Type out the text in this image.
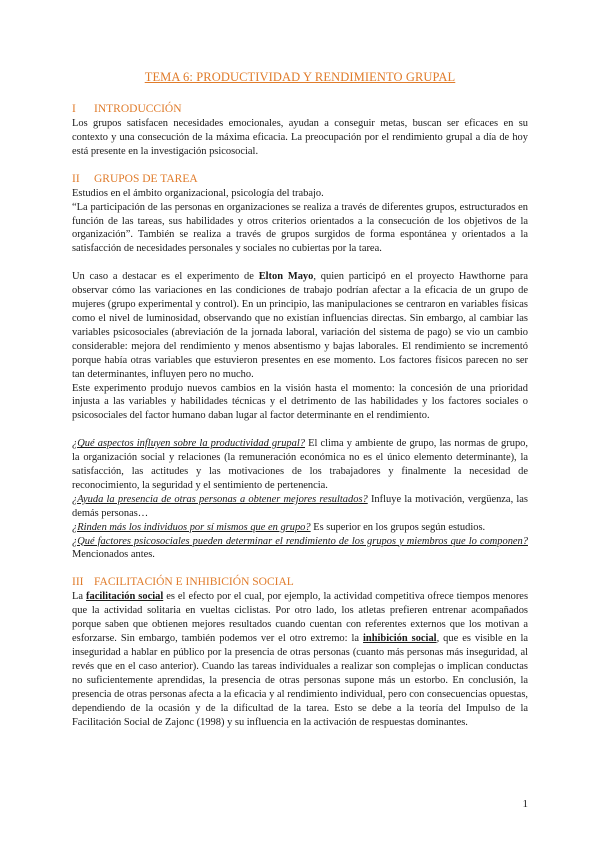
TEMA 6: PRODUCTIVIDAD Y RENDIMIENTO GRUPAL
I INTRODUCCIÓN

Los grupos satisfacen necesidades emocionales, ayudan a conseguir metas, buscan ser eficaces en su contexto y una consecución de la máxima eficacia. La preocupación por el rendimiento grupal a día de hoy está presente en la investigación psicosocial.

II GRUPOS DE TAREA

Estudios en el ámbito organizacional, psicología del trabajo.

“La participación de las personas en organizaciones se realiza a través de diferentes grupos, estructurados en función de las tareas, sus habilidades y otros criterios orientados a la consecución de los objetivos de la organización”. También se realiza a través de grupos surgidos de forma espontánea y orientados a la satisfacción de necesidades personales y sociales no cubiertas por la tarea.

Un caso a destacar es el experimento de Elton Mayo, quien participó en el proyecto Hawthorne para observar cómo las variaciones en las condiciones de trabajo podrían afectar a la eficacia de un grupo de mujeres (grupo experimental y control). En un principio, las manipulaciones se centraron en variables físicas como el nivel de luminosidad, observando que no existían influencias directas. Sin embargo, al cambiar las variables psicosociales (abreviación de la jornada laboral, variación del sistema de pago) se vio un cambio considerable: mejora del rendimiento y menos absentismo y bajas laborales. El rendimiento se incrementó porque había otras variables que estuvieron presentes en ese momento. Los factores físicos parecen no ser tan determinantes, influyen pero no mucho.

Este experimento produjo nuevos cambios en la visión hasta el momento: la concesión de una prioridad injusta a las variables y habilidades técnicas y el detrimento de las habilidades y los factores sociales o psicosociales del factor humano daban lugar al factor determinante en el rendimiento.

¿Qué aspectos influyen sobre la productividad grupal? El clima y ambiente de grupo, las normas de grupo, la organización social y relaciones (la remuneración económica no es el único elemento determinante), la satisfacción, las actitudes y las motivaciones de los trabajadores y finalmente la necesidad de reconocimiento, la seguridad y el sentimiento de pertenencia.

¿Ayuda la presencia de otras personas a obtener mejores resultados? Influye la motivación, vergüenza, las demás personas…

¿Rinden más los individuos por sí mismos que en grupo? Es superior en los grupos según estudios.

¿Qué factores psicosociales pueden determinar el rendimiento de los grupos y miembros que lo componen? Mencionados antes.

III FACILITACIÓN E INHIBICIÓN SOCIAL

La facilitación social es el efecto por el cual, por ejemplo, la actividad competitiva ofrece tiempos menores que la actividad solitaria en vueltas ciclistas. Por otro lado, los atletas prefieren entrenar acompañados porque saben que obtienen mejores resultados cuando cuentan con referentes externos que los motivan a esforzarse. Sin embargo, también podemos ver el otro extremo: la inhibición social, que es visible en la inseguridad a hablar en público por la presencia de otras personas (cuanto más personas más inseguridad, al revés que en el caso anterior). Cuando las tareas individuales a realizar son complejas o implican conductas no suficientemente aprendidas, la presencia de otras personas supone más un estorbo. En conclusión, la presencia de otras personas afecta a la eficacia y al rendimiento individual, pero con consecuencias opuestas, dependiendo de la ocasión y de la dificultad de la tarea. Esto se debe a la teoría del Impulso de la Facilitación Social de Zajonc (1998) y su influencia en la activación de respuestas dominantes.

1
